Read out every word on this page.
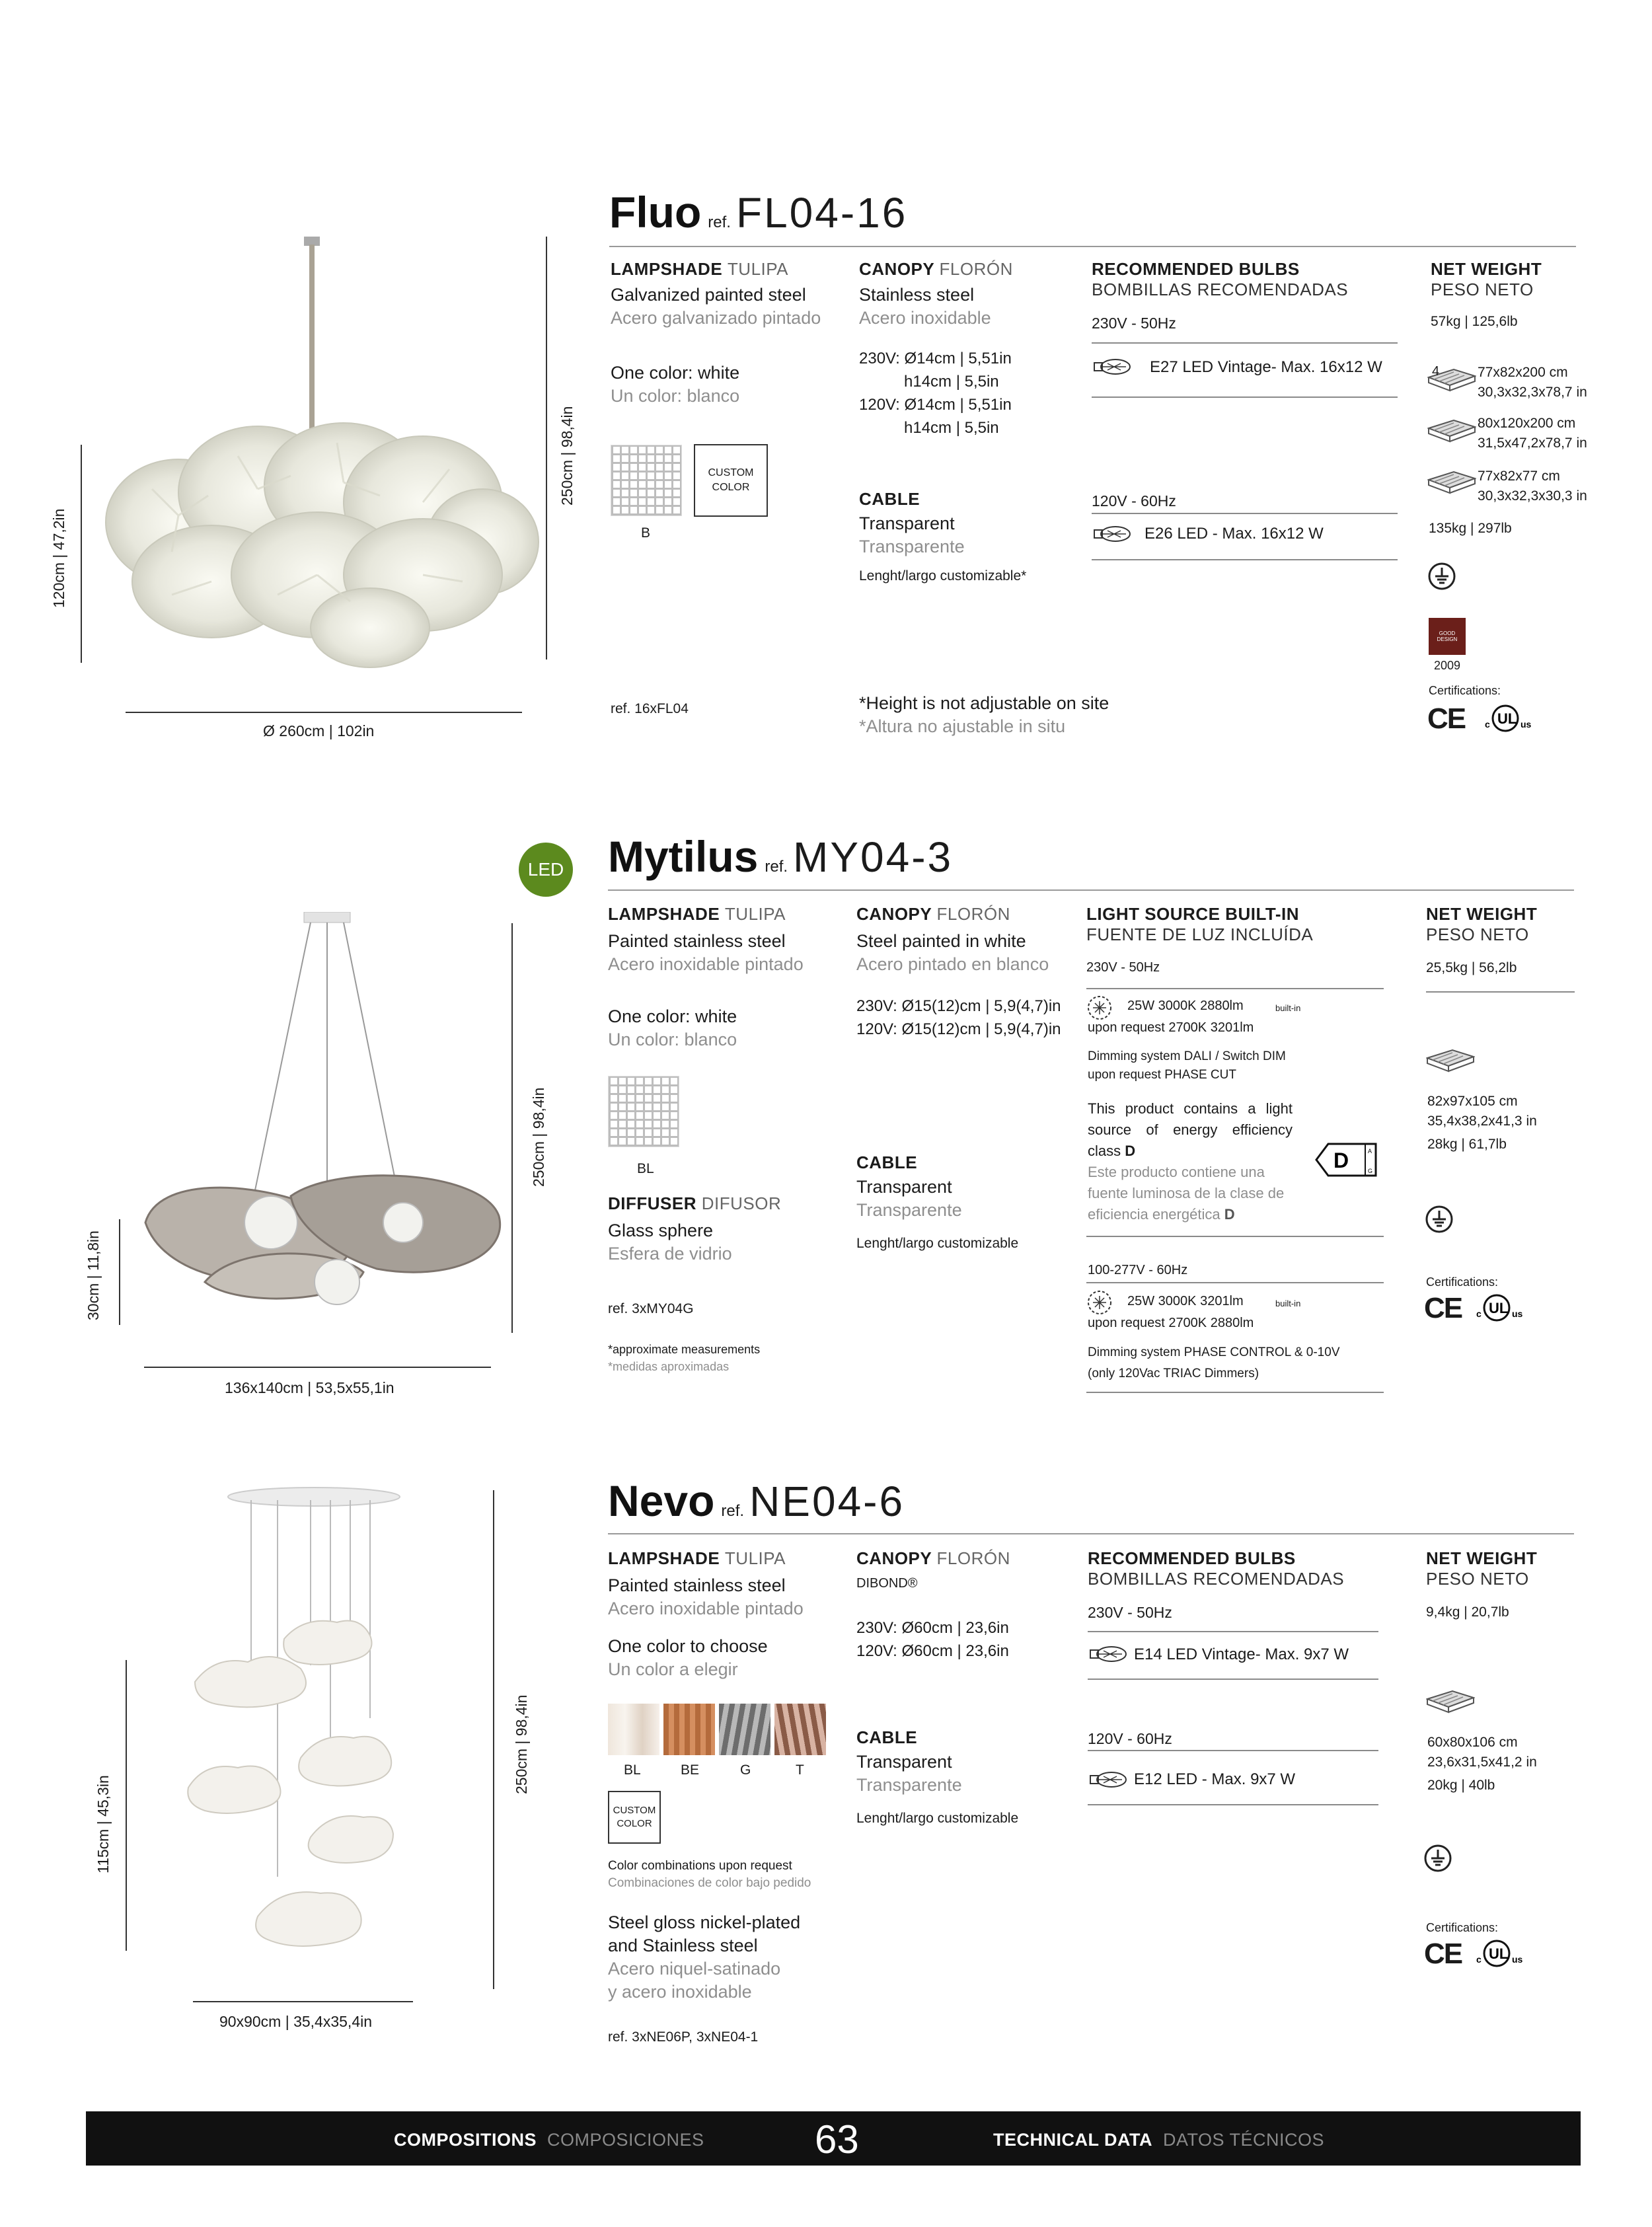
120cm | 47,2in
250cm | 98,4in
Ø 260cm | 102in
Fluo ref. FL04-16
LAMPSHADE TULIPA
Galvanized painted steel
Acero galvanizado pintado
One color: white
Un color: blanco
B
CUSTOM
COLOR
ref. 16xFL04
CANOPY FLORÓN
Stainless steel
Acero inoxidable
230V: Ø14cm | 5,51in
h14cm | 5,5in
120V: Ø14cm | 5,51in
h14cm | 5,5in
CABLE
Transparent
Transparente
Lenght/largo customizable*
*Height is not adjustable on site
*Altura no ajustable in situ
RECOMMENDED BULBS
BOMBILLAS RECOMENDADAS
230V - 50Hz
E27 LED Vintage- Max. 16x12 W
120V - 60Hz
E26 LED - Max. 16x12 W
NET WEIGHT
PESO NETO
57kg | 125,6lb
4	77x82x200 cm
30,3x32,3x78,7 in
80x120x200 cm
31,5x47,2x78,7 in
77x82x77 cm
30,3x32,3x30,3 in
135kg | 297lb
GOOD DESIGN
2009
Certifications:
CE c UL us
30cm | 11,8in
250cm | 98,4in
136x140cm | 53,5x55,1in
LED Mytilus ref. MY04-3
LAMPSHADE TULIPA
Painted stainless steel
Acero inoxidable pintado
One color: white
Un color: blanco
BL
DIFFUSER DIFUSOR
Glass sphere
Esfera de vidrio
ref. 3xMY04G
*approximate measurements
*medidas aproximadas
CANOPY FLORÓN
Steel painted in white
Acero pintado en blanco
230V: Ø15(12)cm | 5,9(4,7)in
120V: Ø15(12)cm | 5,9(4,7)in
CABLE
Transparent
Transparente
Lenght/largo customizable
LIGHT SOURCE BUILT-IN
FUENTE DE LUZ INCLUÍDA
230V - 50Hz
25W 3000K 2880lm	built-in
upon request 2700K 3201lm
Dimming system DALI / Switch DIM
upon request PHASE CUT
This product contains a light source of energy efficiency class D
Este producto contiene una fuente luminosa de la clase de eficiencia energética D
D	A
G
100-277V - 60Hz
25W 3000K 3201lm	built-in
upon request 2700K 2880lm
Dimming system PHASE CONTROL & 0-10V
(only 120Vac TRIAC Dimmers)
NET WEIGHT
PESO NETO
25,5kg | 56,2lb
82x97x105 cm
35,4x38,2x41,3 in
28kg | 61,7lb
Certifications:
CE c UL us
115cm | 45,3in
250cm | 98,4in
90x90cm | 35,4x35,4in
Nevo ref. NE04-6
LAMPSHADE TULIPA
Painted stainless steel
Acero inoxidable pintado
One color to choose
Un color a elegir
BL	BE	G	T
CUSTOM
COLOR
Color combinations upon request
Combinaciones de color bajo pedido
Steel gloss nickel-plated
and Stainless steel
Acero niquel-satinado
y acero inoxidable
ref. 3xNE06P, 3xNE04-1
CANOPY FLORÓN
DIBOND®
230V: Ø60cm | 23,6in
120V: Ø60cm | 23,6in
CABLE
Transparent
Transparente
Lenght/largo customizable
RECOMMENDED BULBS
BOMBILLAS RECOMENDADAS
230V - 50Hz
E14 LED Vintage- Max. 9x7 W
120V - 60Hz
E12 LED - Max. 9x7 W
NET WEIGHT
PESO NETO
9,4kg | 20,7lb
60x80x106 cm
23,6x31,5x41,2 in
20kg | 40lb
Certifications:
CE c UL us
COMPOSITIONS COMPOSICIONES	63	TECHNICAL DATA DATOS TÉCNICOS
